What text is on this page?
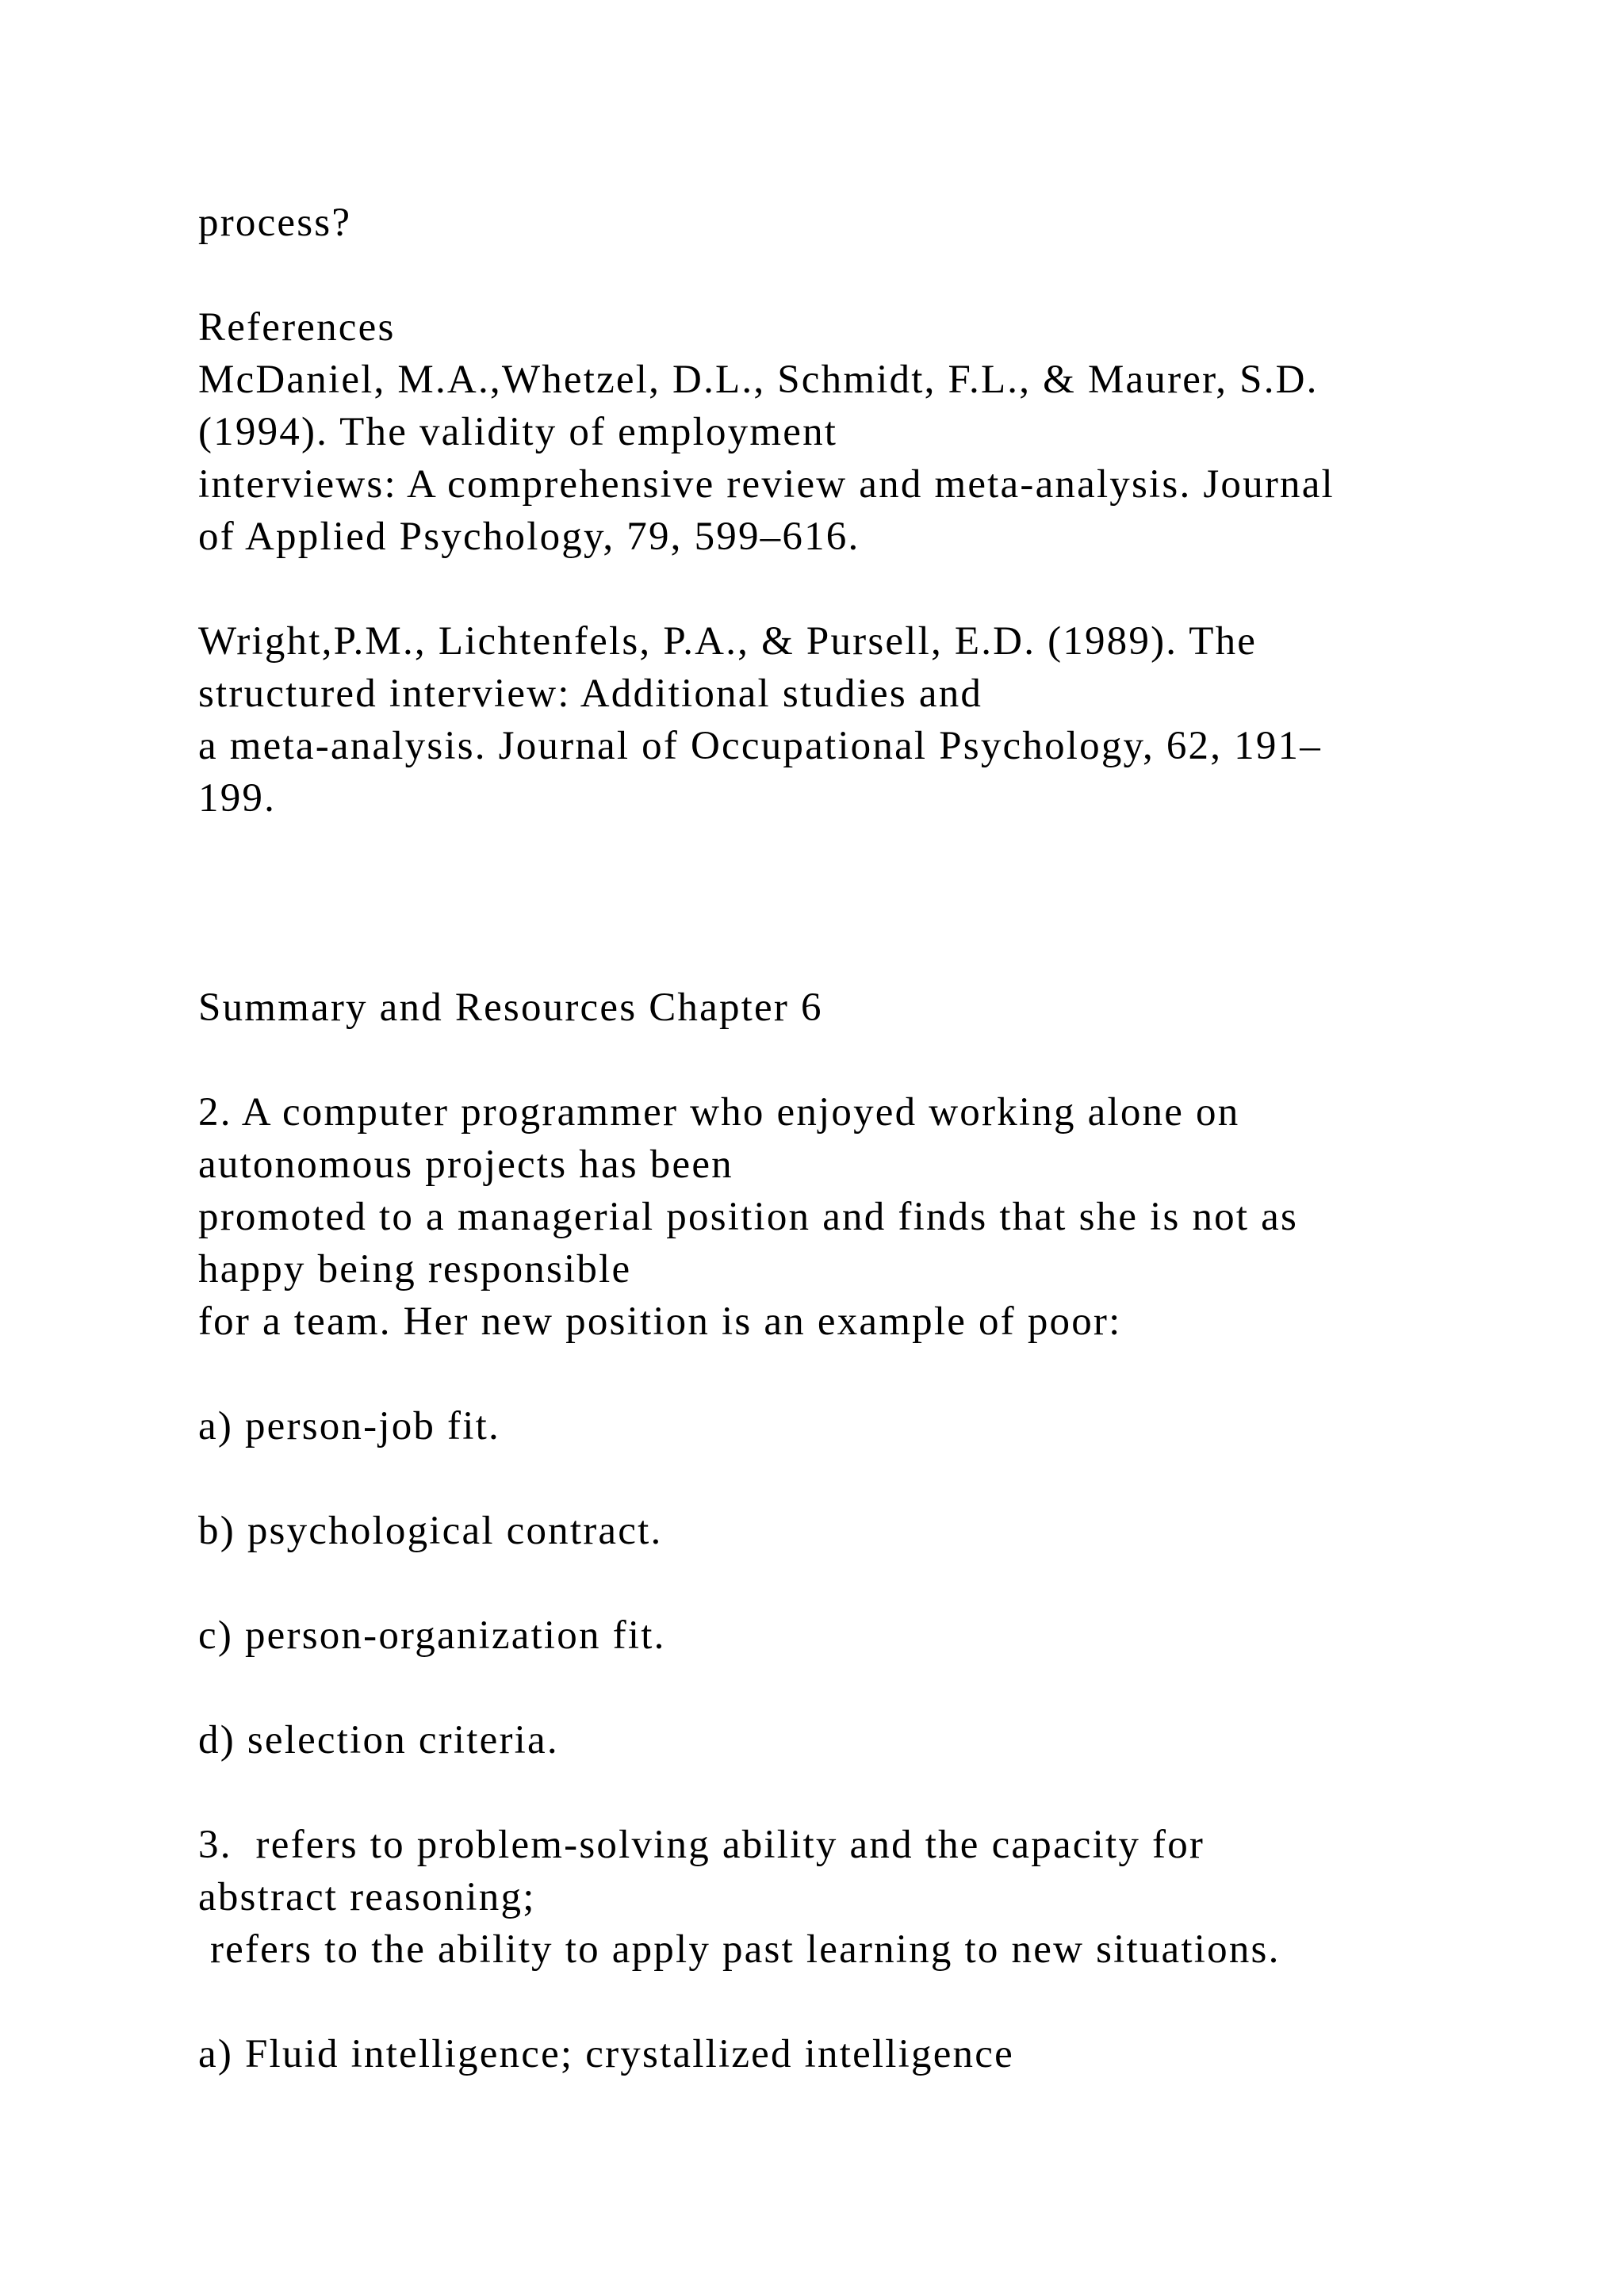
process?
References
McDaniel, M.A.,Whetzel, D.L., Schmidt, F.L., & Maurer, S.D.
(1994). The validity of employment
interviews: A comprehensive review and meta-analysis. Journal
of Applied Psychology, 79, 599–616.
Wright,P.M., Lichtenfels, P.A., & Pursell, E.D. (1989). The
structured interview: Additional studies and
a meta-analysis. Journal of Occupational Psychology, 62, 191–
199.
Summary and Resources Chapter 6
2. A computer programmer who enjoyed working alone on
autonomous projects has been
promoted to a managerial position and finds that she is not as
happy being responsible
for a team. Her new position is an example of poor:
a) person-job fit.
b) psychological contract.
c) person-organization fit.
d) selection criteria.
3.  refers to problem-solving ability and the capacity for
abstract reasoning;
refers to the ability to apply past learning to new situations.
a) Fluid intelligence; crystallized intelligence
